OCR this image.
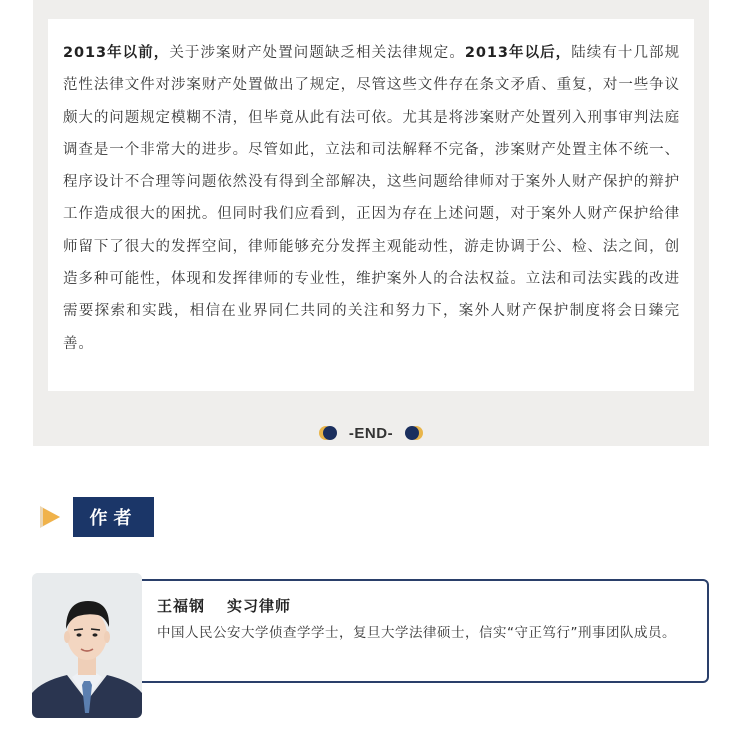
2013年以前，关于涉案财产处置问题缺乏相关法律规定。2013年以后，陆续有十几部规范性法律文件对涉案财产处置做出了规定，尽管这些文件存在条文矛盾、重复，对一些争议颇大的问题规定模糊不清，但毕竟从此有法可依。尤其是将涉案财产处置列入刑事审判法庭调查是一个非常大的进步。尽管如此，立法和司法解释不完备，涉案财产处置主体不统一、程序设计不合理等问题依然没有得到全部解决，这些问题给律师对于案外人财产保护的辩护工作造成很大的困扰。但同时我们应看到，正因为存在上述问题，对于案外人财产保护给律师留下了很大的发挥空间，律师能够充分发挥主观能动性，游走协调于公、检、法之间，创造多种可能性，体现和发挥律师的专业性，维护案外人的合法权益。立法和司法实践的改进需要探索和实践，相信在业界同仁共同的关注和努力下，案外人财产保护制度将会日臻完善。

-END-
作者
王福钢 实习律师

中国人民公安大学侦查学学士，复旦大学法律硕士，信实“守正笃行”刑事团队成员。
